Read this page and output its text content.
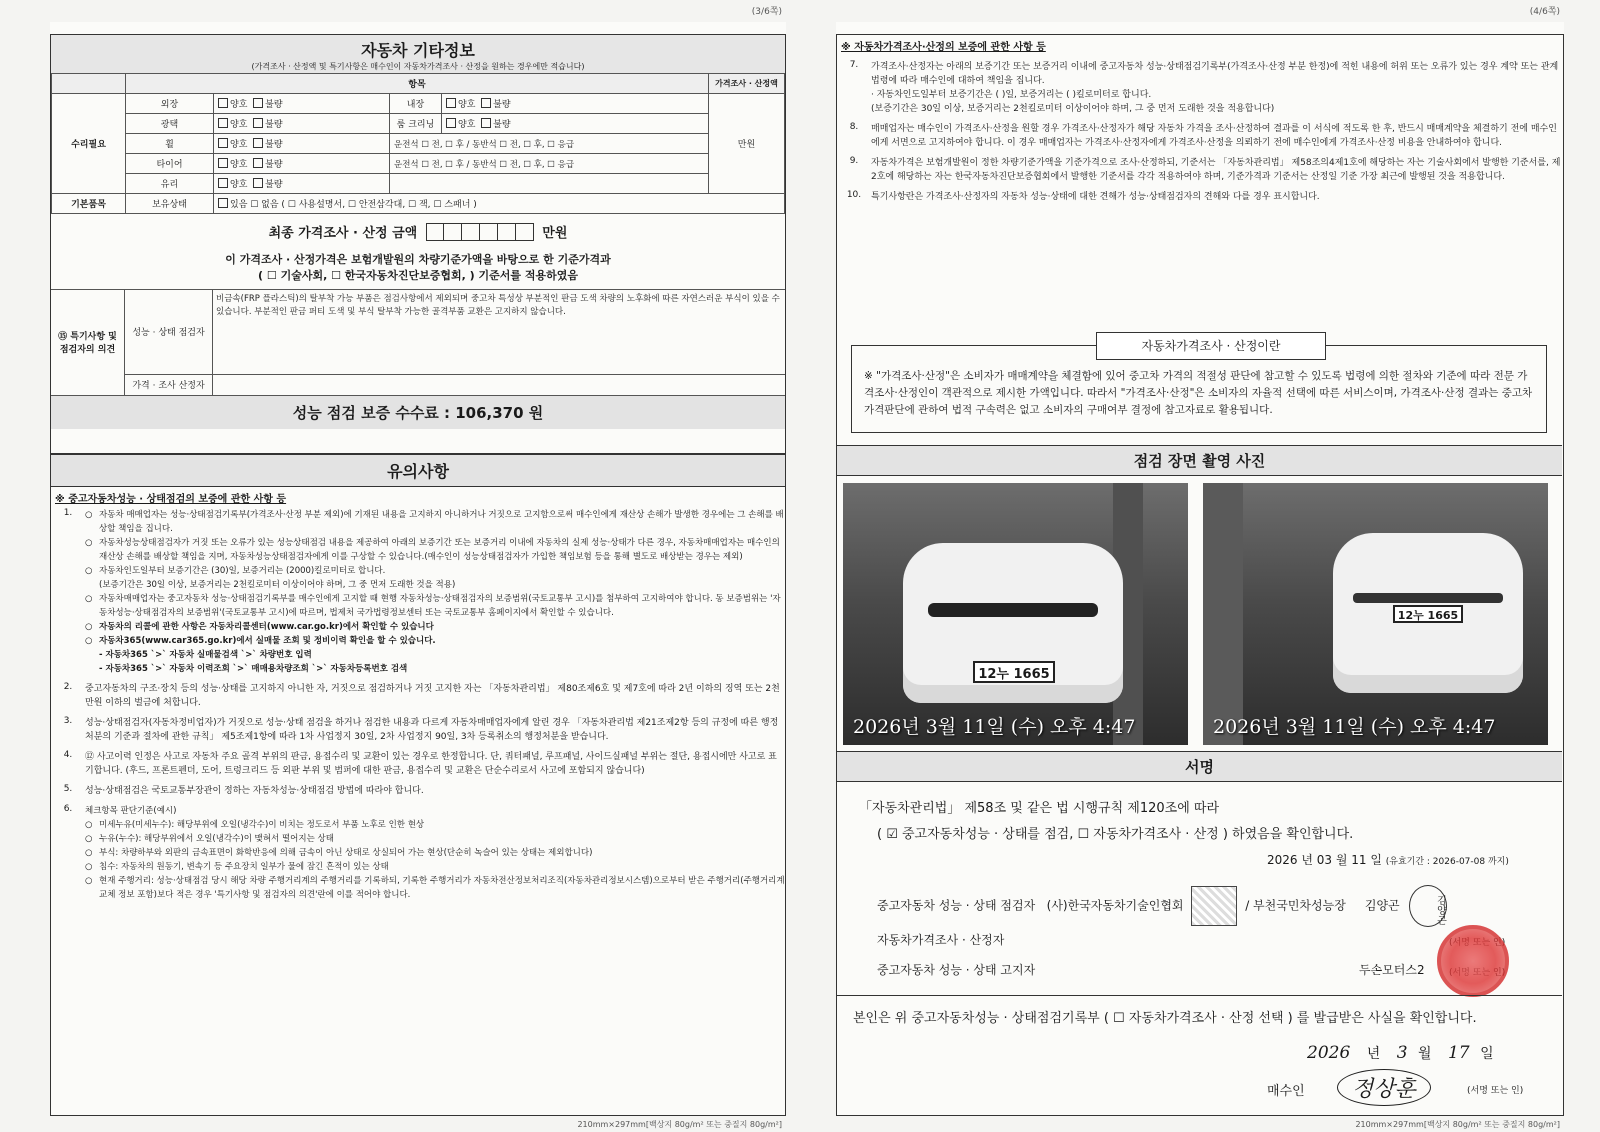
(3/6쪽)
자동차 기타정보
(가격조사 · 산정액 및 특기사항은 매수인이 자동차가격조사 · 산정을 원하는 경우에만 적습니다)
	항목				가격조사 · 산정액
수리필요	외장	양호 불량	내장	양호 불량	만원
	광택	양호 불량	룸 크리닝	양호 불량	
	휠	양호 불량	운전석 ☐ 전, ☐ 후 / 동반석 ☐ 전, ☐ 후, ☐ 응급		
	타이어	양호 불량	운전석 ☐ 전, ☐ 후 / 동반석 ☐ 전, ☐ 후, ☐ 응급		
	유리	양호 불량			
기본품목	보유상태	있음 ☐ 없음 ( ☐ 사용설명서, ☐ 안전삼각대, ☐ 잭, ☐ 스패너 )			
최종 가격조사 · 산정 금액	만원
이 가격조사 · 산정가격은 보험개발원의 차량기준가액을 바탕으로 한 기준가격과
( ☐ 기술사회, ☐ 한국자동차진단보증협회, ) 기준서를 적용하였음
⑮ 특기사항 및 점검자의 의견
성능 · 상태 점검자
비금속(FRP 플라스틱)의 탈부착 가능 부품은 점검사항에서 제외되며 중고차 특성상 부분적인 판금 도색 차량의 노후화에 따른 자연스러운 부식이 있을 수 있습니다. 부분적인 판금 퍼티 도색 및 부식 탈부착 가능한 골격부품 교환은 고지하지 않습니다.
가격 · 조사 산정자
성능 점검 보증 수수료 : 106,370 원
유의사항
※ 중고자동차성능 · 상태점검의 보증에 관한 사항 등
1.	○ 자동차 매매업자는 성능·상태점검기록부(가격조사·산정 부분 제외)에 기재된 내용을 고지하지 아니하거나 거짓으로 고지함으로써 매수인에게 재산상 손해가 발생한 경우에는 그 손해를 배상할 책임을 집니다.
○ 자동차성능상태점검자가 거짓 또는 오류가 있는 성능상태점검 내용을 제공하여 아래의 보증기간 또는 보증거리 이내에 자동차의 실제 성능·상태가 다른 경우, 자동차매매업자는 매수인의 재산상 손해를 배상할 책임을 지며, 자동차성능상태점검자에게 이를 구상할 수 있습니다.(매수인이 성능상태점검자가 가입한 책임보험 등을 통해 별도로 배상받는 경우는 제외)
○ 자동차인도일부터 보증기간은 (30)일, 보증거리는 (2000)킬로미터로 합니다.
(보증기간은 30일 이상, 보증거리는 2천킬로미터 이상이어야 하며, 그 중 먼저 도래한 것을 적용)
○ 자동차매매업자는 중고자동차 성능·상태점검기록부를 매수인에게 고지할 때 현행 자동차성능·상태점검자의 보증범위(국토교통부 고시)를 첨부하여 고지하여야 합니다. 동 보증범위는 '자동차성능·상태점검자의 보증범위'(국토교통부 고시)에 따르며, 법제처 국가법령정보센터 또는 국토교통부 홈페이지에서 확인할 수 있습니다.
○ 자동차의 리콜에 관한 사항은 자동차리콜센터(www.car.go.kr)에서 확인할 수 있습니다
○ 자동차365(www.car365.go.kr)에서 실매물 조회 및 정비이력 확인을 할 수 있습니다.
- 자동차365 `>` 자동차 실매물검색 `>` 차량번호 입력
- 자동차365 `>` 자동차 이력조회 `>` 매매용차량조회 `>` 자동차등록번호 검색
2.	중고자동차의 구조·장치 등의 성능·상태를 고지하지 아니한 자, 거짓으로 점검하거나 거짓 고지한 자는 「자동차관리법」 제80조제6호 및 제7호에 따라 2년 이하의 징역 또는 2천만원 이하의 벌금에 처합니다.
3.	성능·상태점검자(자동차정비업자)가 거짓으로 성능·상태 점검을 하거나 점검한 내용과 다르게 자동차매매업자에게 알린 경우 「자동차관리법 제21조제2항 등의 규정에 따른 행정처분의 기준과 절차에 관한 규칙」 제5조제1항에 따라 1차 사업정지 30일, 2차 사업정지 90일, 3차 등록취소의 행정처분을 받습니다.
4.	⑫ 사고이력 인정은 사고로 자동차 주요 골격 부위의 판금, 용접수리 및 교환이 있는 경우로 한정합니다. 단, 쿼터패널, 루프패널, 사이드실패널 부위는 절단, 용접시에만 사고로 표기합니다. (후드, 프론트펜더, 도어, 트렁크리드 등 외판 부위 및 범퍼에 대한 판금, 용접수리 및 교환은 단순수리로서 사고에 포함되지 않습니다)
5.	성능·상태점검은 국토교통부장관이 정하는 자동차성능·상태점검 방법에 따라야 합니다.
6.	체크항목 판단기준(예시)
○ 미세누유(미세누수): 해당부위에 오일(냉각수)이 비치는 정도로서 부품 노후로 인한 현상
○ 누유(누수): 해당부위에서 오일(냉각수)이 맺혀서 떨어지는 상태
○ 부식: 차량하부와 외판의 금속표면이 화학반응에 의해 금속이 아닌 상태로 상실되어 가는 현상(단순히 녹슬어 있는 상태는 제외합니다)
○ 침수: 자동차의 원동기, 변속기 등 주요장치 일부가 물에 잠긴 흔적이 있는 상태
○ 현재 주행거리: 성능·상태점검 당시 해당 차량 주행거리계의 주행거리를 기록하되, 기록한 주행거리가 자동차전산정보처리조직(자동차관리정보시스템)으로부터 받은 주행거리(주행거리계 교체 정보 포함)보다 적은 경우 '특기사항 및 점검자의 의견'란에 이를 적어야 합니다.
210mm×297mm[백상지 80g/m² 또는 중질지 80g/m²]
(4/6쪽)
※ 자동차가격조사·산정의 보증에 관한 사항 등
7.	가격조사·산정자는 아래의 보증기간 또는 보증거리 이내에 중고자동차 성능·상태점검기록부(가격조사·산정 부분 한정)에 적힌 내용에 허위 또는 오류가 있는 경우 계약 또는 관계법령에 따라 매수인에 대하여 책임을 집니다.
· 자동차인도일부터 보증기간은 ( )일, 보증거리는 ( )킬로미터로 합니다.
(보증기간은 30일 이상, 보증거리는 2천킬로미터 이상이어야 하며, 그 중 먼저 도래한 것을 적용합니다)
8.	매매업자는 매수인이 가격조사·산정을 원할 경우 가격조사·산정자가 해당 자동차 가격을 조사·산정하여 결과를 이 서식에 적도록 한 후, 반드시 매매계약을 체결하기 전에 매수인에게 서면으로 고지하여야 합니다. 이 경우 매매업자는 가격조사·산정자에게 가격조사·산정을 의뢰하기 전에 매수인에게 가격조사·산정 비용을 안내하여야 합니다.
9.	자동차가격은 보험개발원이 정한 차량기준가액을 기준가격으로 조사·산정하되, 기준서는 「자동차관리법」 제58조의4제1호에 해당하는 자는 기술사회에서 발행한 기준서를, 제2호에 해당하는 자는 한국자동차진단보증협회에서 발행한 기준서를 각각 적용하여야 하며, 기준가격과 기준서는 산정일 기준 가장 최근에 발행된 것을 적용합니다.
10.	특기사항란은 가격조사·산정자의 자동차 성능·상태에 대한 견해가 성능·상태점검자의 견해와 다를 경우 표시합니다.
자동차가격조사 · 산정이란
※ "가격조사·산정"은 소비자가 매매계약을 체결함에 있어 중고차 가격의 적절성 판단에 참고할 수 있도록 법령에 의한 절차와 기준에 따라 전문 가격조사·산정인이 객관적으로 제시한 가액입니다. 따라서 "가격조사·산정"은 소비자의 자율적 선택에 따른 서비스이며, 가격조사·산정 결과는 중고차 가격판단에 관하여 법적 구속력은 없고 소비자의 구매여부 결정에 참고자료로 활용됩니다.
점검 장면 촬영 사진
12누 1665
2026년 3월 11일 (수) 오후 4:47
12누 1665
2026년 3월 11일 (수) 오후 4:47
서명
「자동차관리법」 제58조 및 같은 법 시행규칙 제120조에 따라
( ☑ 중고자동차성능 · 상태를 점검, ☐ 자동차가격조사 · 산정 ) 하였음을 확인합니다.
2026 년 03 월 11 일 (유효기간 : 2026-07-08 까지)
중고자동차 성능 · 상태 점검자 (사)한국자동차기술인협회	/ 부천국민차성능장 김양곤	김양곤
자동차가격조사 · 산정자
중고자동차 성능 · 상태 고지자	두손모터스2
본인은 위 중고자동차성능 · 상태점검기록부 ( ☐ 자동차가격조사 · 산정 선택 ) 를 발급받은 사실을 확인합니다.
2026 년 3 월 17 일
매수인	정상훈	(서명 또는 인)
210mm×297mm[백상지 80g/m² 또는 중질지 80g/m²]
